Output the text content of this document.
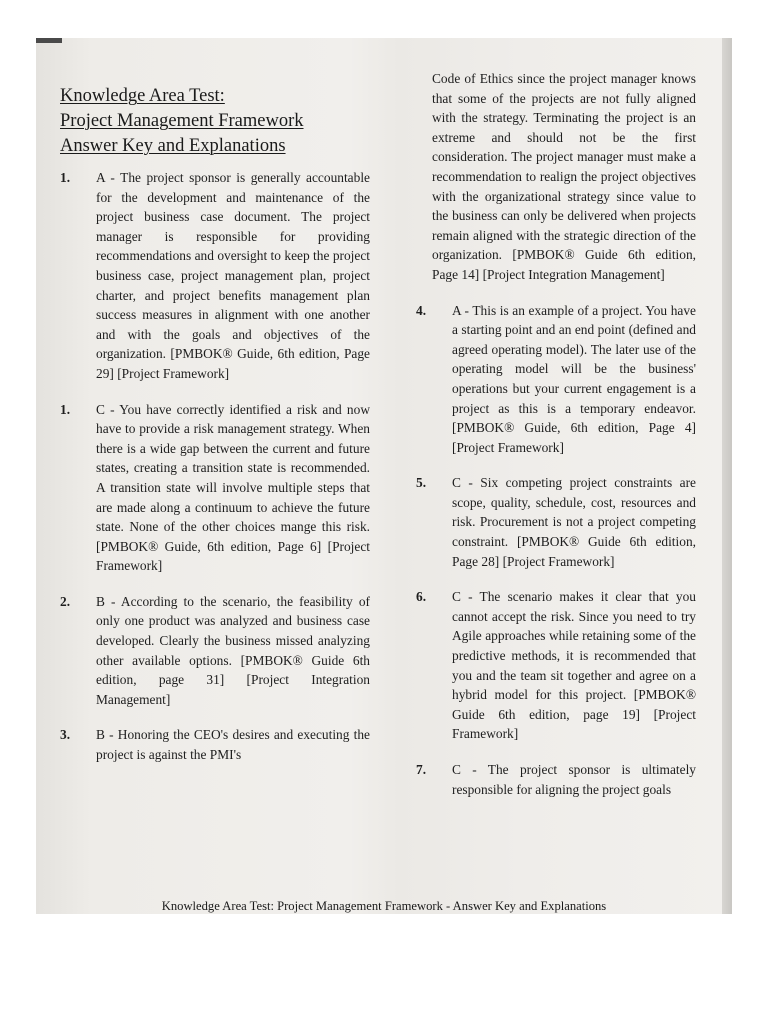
Knowledge Area Test:
Project Management Framework
Answer Key and Explanations
1.	A - The project sponsor is generally accountable for the development and maintenance of the project business case document. The project manager is responsible for providing recommendations and oversight to keep the project business case, project management plan, project charter, and project benefits management plan success measures in alignment with one another and with the goals and objectives of the organization. [PMBOK® Guide, 6th edition, Page 29] [Project Framework]

1.	C - You have correctly identified a risk and now have to provide a risk management strategy. When there is a wide gap between the current and future states, creating a transition state is recommended. A transition state will involve multiple steps that are made along a continuum to achieve the future state. None of the other choices mange this risk. [PMBOK® Guide, 6th edition, Page 6] [Project Framework]

2.	B - According to the scenario, the feasibility of only one product was analyzed and business case developed. Clearly the business missed analyzing other available options. [PMBOK® Guide 6th edition, page 31] [Project Integration Management]

3.	B - Honoring the CEO's desires and executing the project is against the PMI's

Code of Ethics since the project manager knows that some of the projects are not fully aligned with the strategy. Terminating the project is an extreme and should not be the first consideration. The project manager must make a recommendation to realign the project objectives with the organizational strategy since value to the business can only be delivered when projects remain aligned with the strategic direction of the organization. [PMBOK® Guide 6th edition, Page 14] [Project Integration Management]

4.	A - This is an example of a project. You have a starting point and an end point (defined and agreed operating model). The later use of the operating model will be the business' operations but your current engagement is a project as this is a temporary endeavor. [PMBOK® Guide, 6th edition, Page 4] [Project Framework]

5.	C - Six competing project constraints are scope, quality, schedule, cost, resources and risk. Procurement is not a project competing constraint. [PMBOK® Guide 6th edition, Page 28] [Project Framework]

6.	C - The scenario makes it clear that you cannot accept the risk. Since you need to try Agile approaches while retaining some of the predictive methods, it is recommended that you and the team sit together and agree on a hybrid model for this project. [PMBOK® Guide 6th edition, page 19] [Project Framework]

7.	C - The project sponsor is ultimately responsible for aligning the project goals

Knowledge Area Test: Project Management Framework - Answer Key and Explanations
